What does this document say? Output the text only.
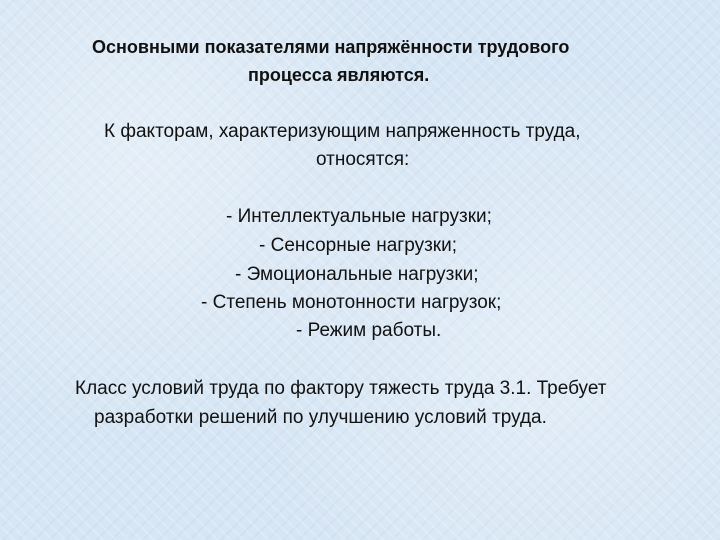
Основными показателями напряжённости трудового

процесса являются.

К факторам, характеризующим напряженность труда,

относятся:

- Интеллектуальные нагрузки;

- Сенсорные нагрузки;

- Эмоциональные нагрузки;

- Степень монотонности нагрузок;

- Режим работы.

Класс условий труда по фактору тяжесть труда 3.1. Требует

разработки решений по улучшению условий труда.
